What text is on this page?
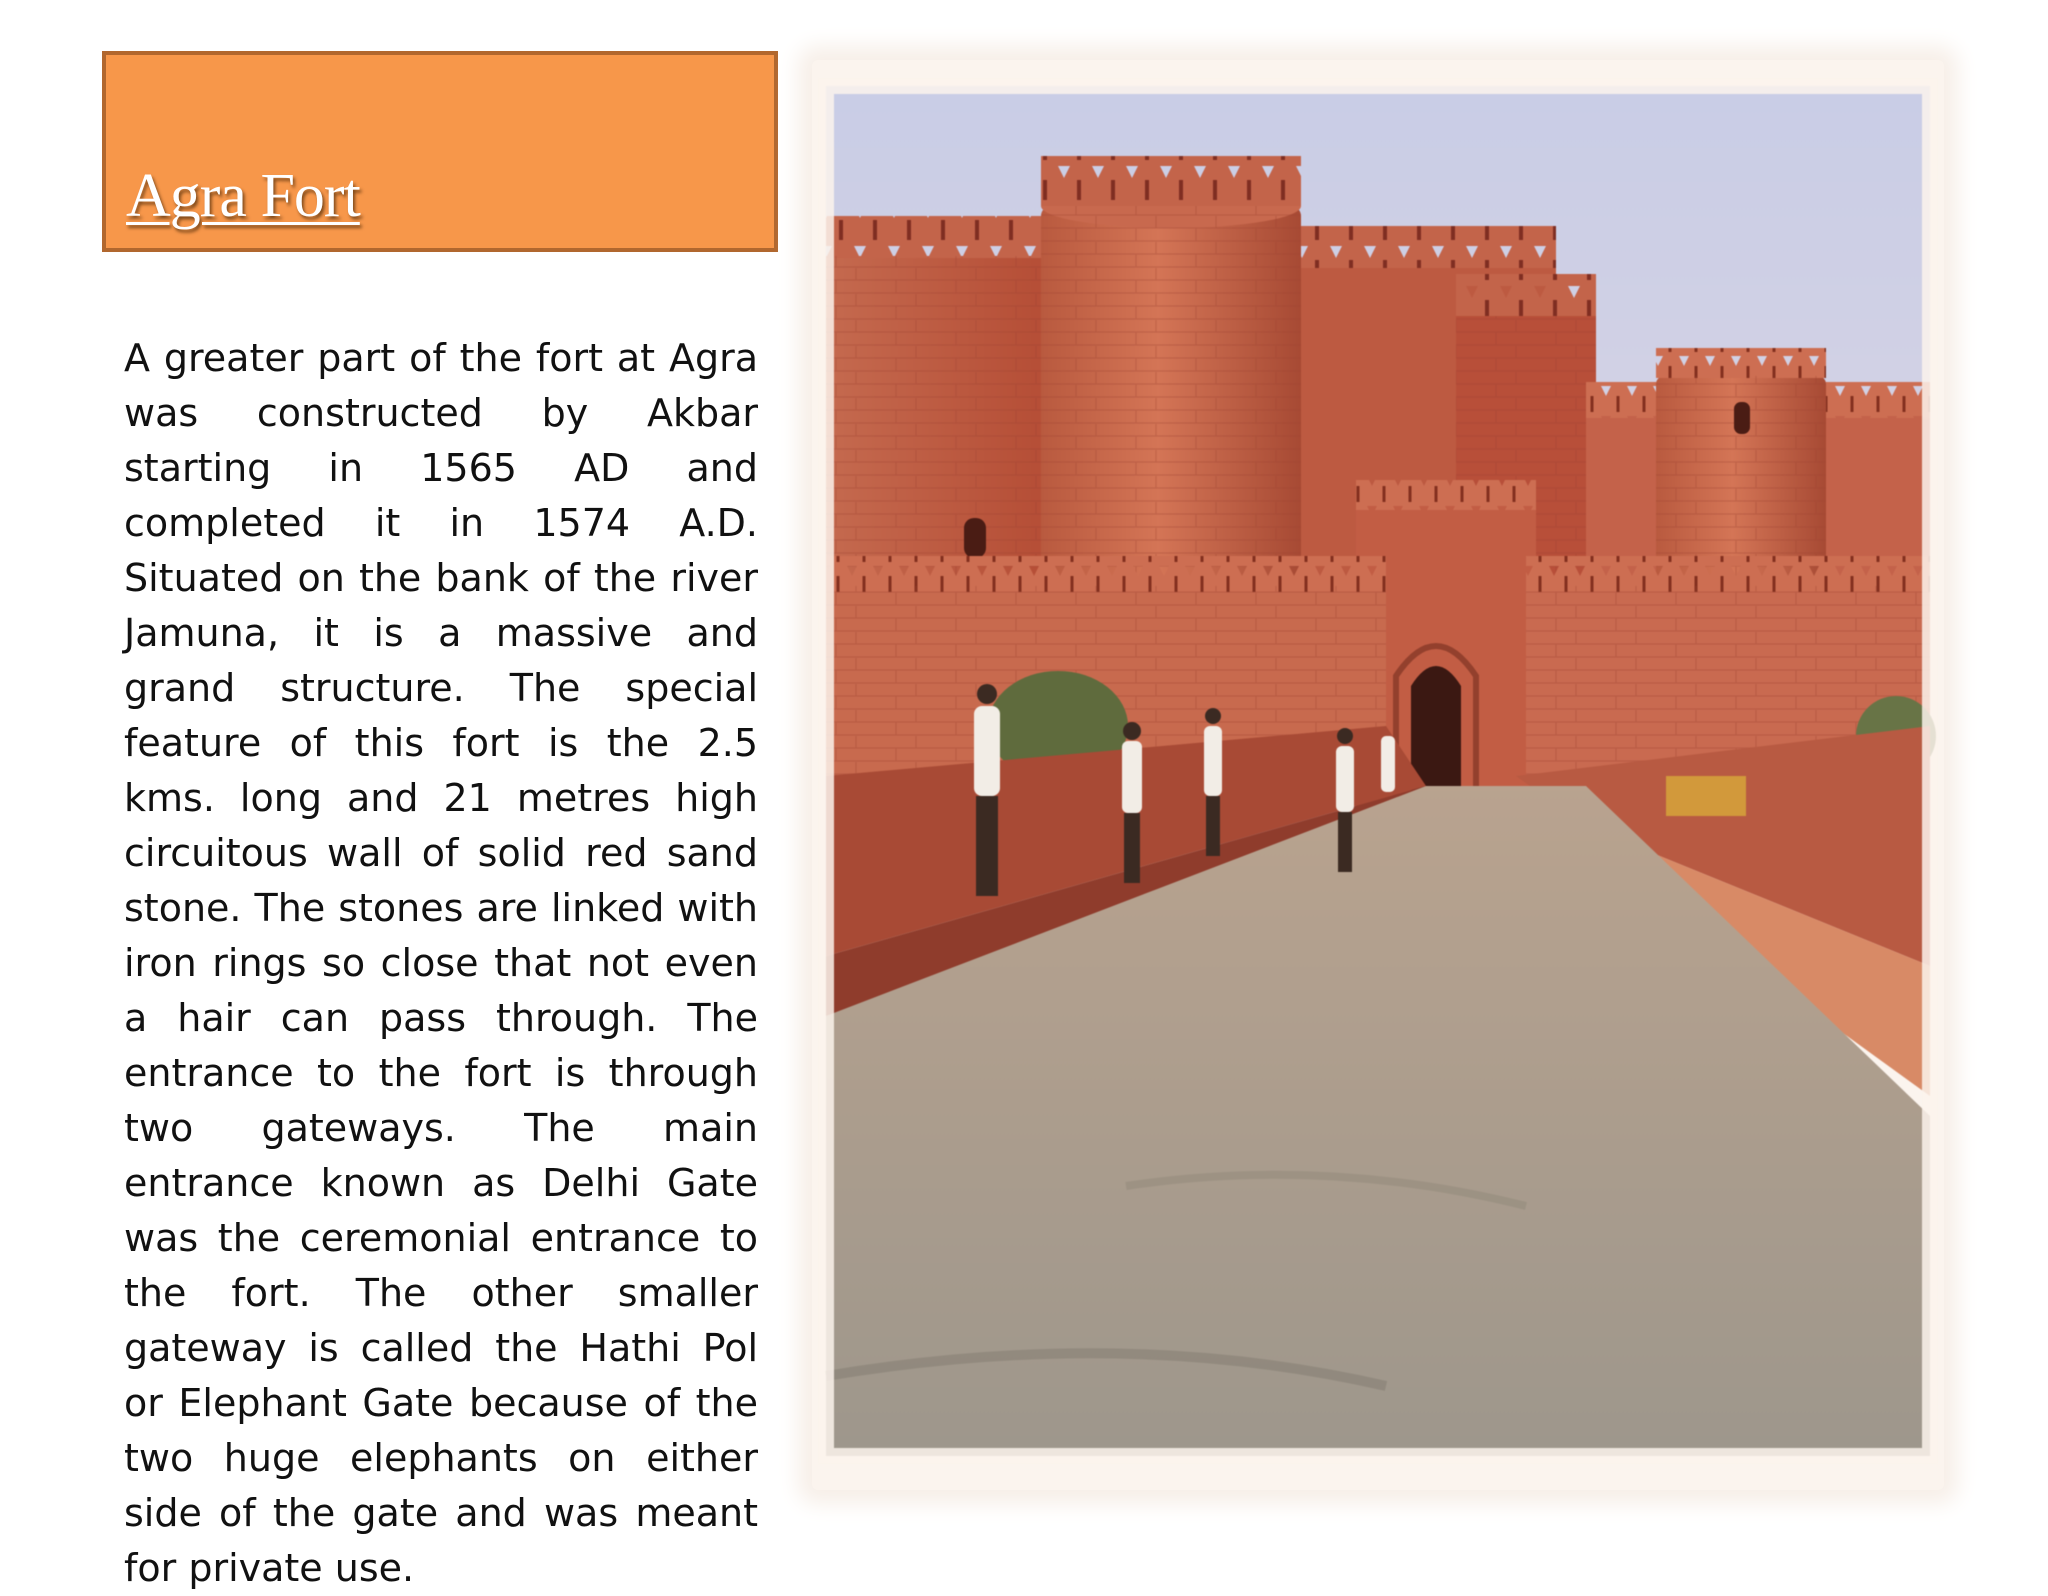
Agra Fort

A greater part of the fort at Agra was constructed by Akbar starting in 1565 AD and completed it in 1574 A.D. Situated on the bank of the river Jamuna, it is a massive and grand structure. The special feature of this fort is the 2.5 kms. long and 21 metres high circuitous wall of solid red sand stone. The stones are linked with iron rings so close that not even a hair can pass through. The entrance to the fort is through two gateways. The main entrance known as Delhi Gate was the ceremonial entrance to the fort. The other smaller gateway is called the Hathi Pol or Elephant Gate because of the two huge elephants on either side of the gate and was meant for private use.
